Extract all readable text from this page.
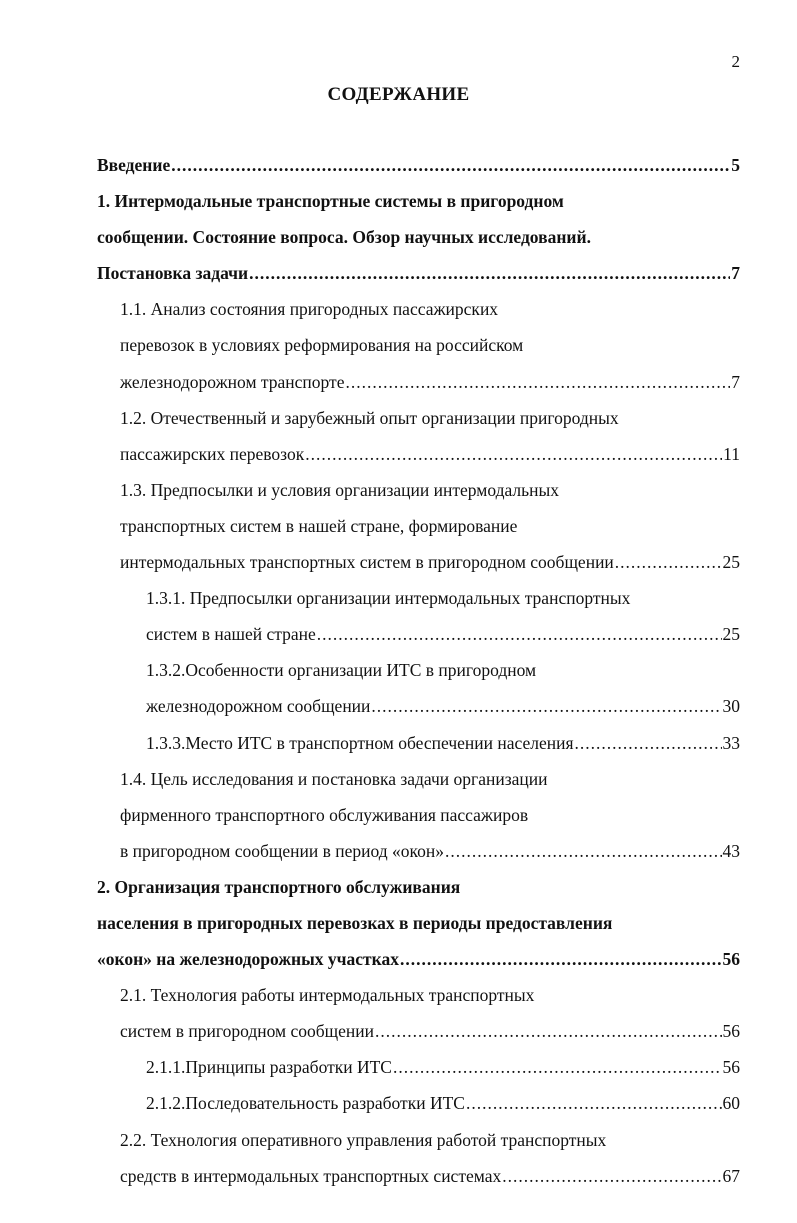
2
СОДЕРЖАНИЕ
Введение .....	5
1. Интермодальные транспортные системы в пригородном
сообщении. Состояние вопроса. Обзор научных исследований.
Постановка задачи .....	7
1.1. Анализ состояния пригородных пассажирских
перевозок в условиях реформирования на российском
железнодорожном транспорте .....	7
1.2. Отечественный и зарубежный опыт организации пригородных
пассажирских перевозок .....	11
1.3. Предпосылки и условия организации интермодальных
транспортных систем в нашей стране, формирование
интермодальных транспортных систем в пригородном сообщении .....	25
1.3.1. Предпосылки организации интермодальных транспортных
систем в нашей стране .....	25
1.3.2.Особенности организации ИТС в пригородном
железнодорожном сообщении .....	30
1.3.3.Место ИТС в транспортном обеспечении населения .....	33
1.4. Цель исследования и постановка задачи организации
фирменного транспортного обслуживания пассажиров
в пригородном сообщении в период «окон» .....	43
2. Организация транспортного обслуживания
населения в пригородных перевозках в периоды предоставления
«окон» на железнодорожных участках .....	56
2.1. Технология работы интермодальных транспортных
систем в пригородном сообщении .....	56
2.1.1.Принципы разработки ИТС .....	56
2.1.2.Последовательность разработки ИТС .....	60
2.2. Технология оперативного управления работой транспортных
средств в интермодальных транспортных системах .....	67
